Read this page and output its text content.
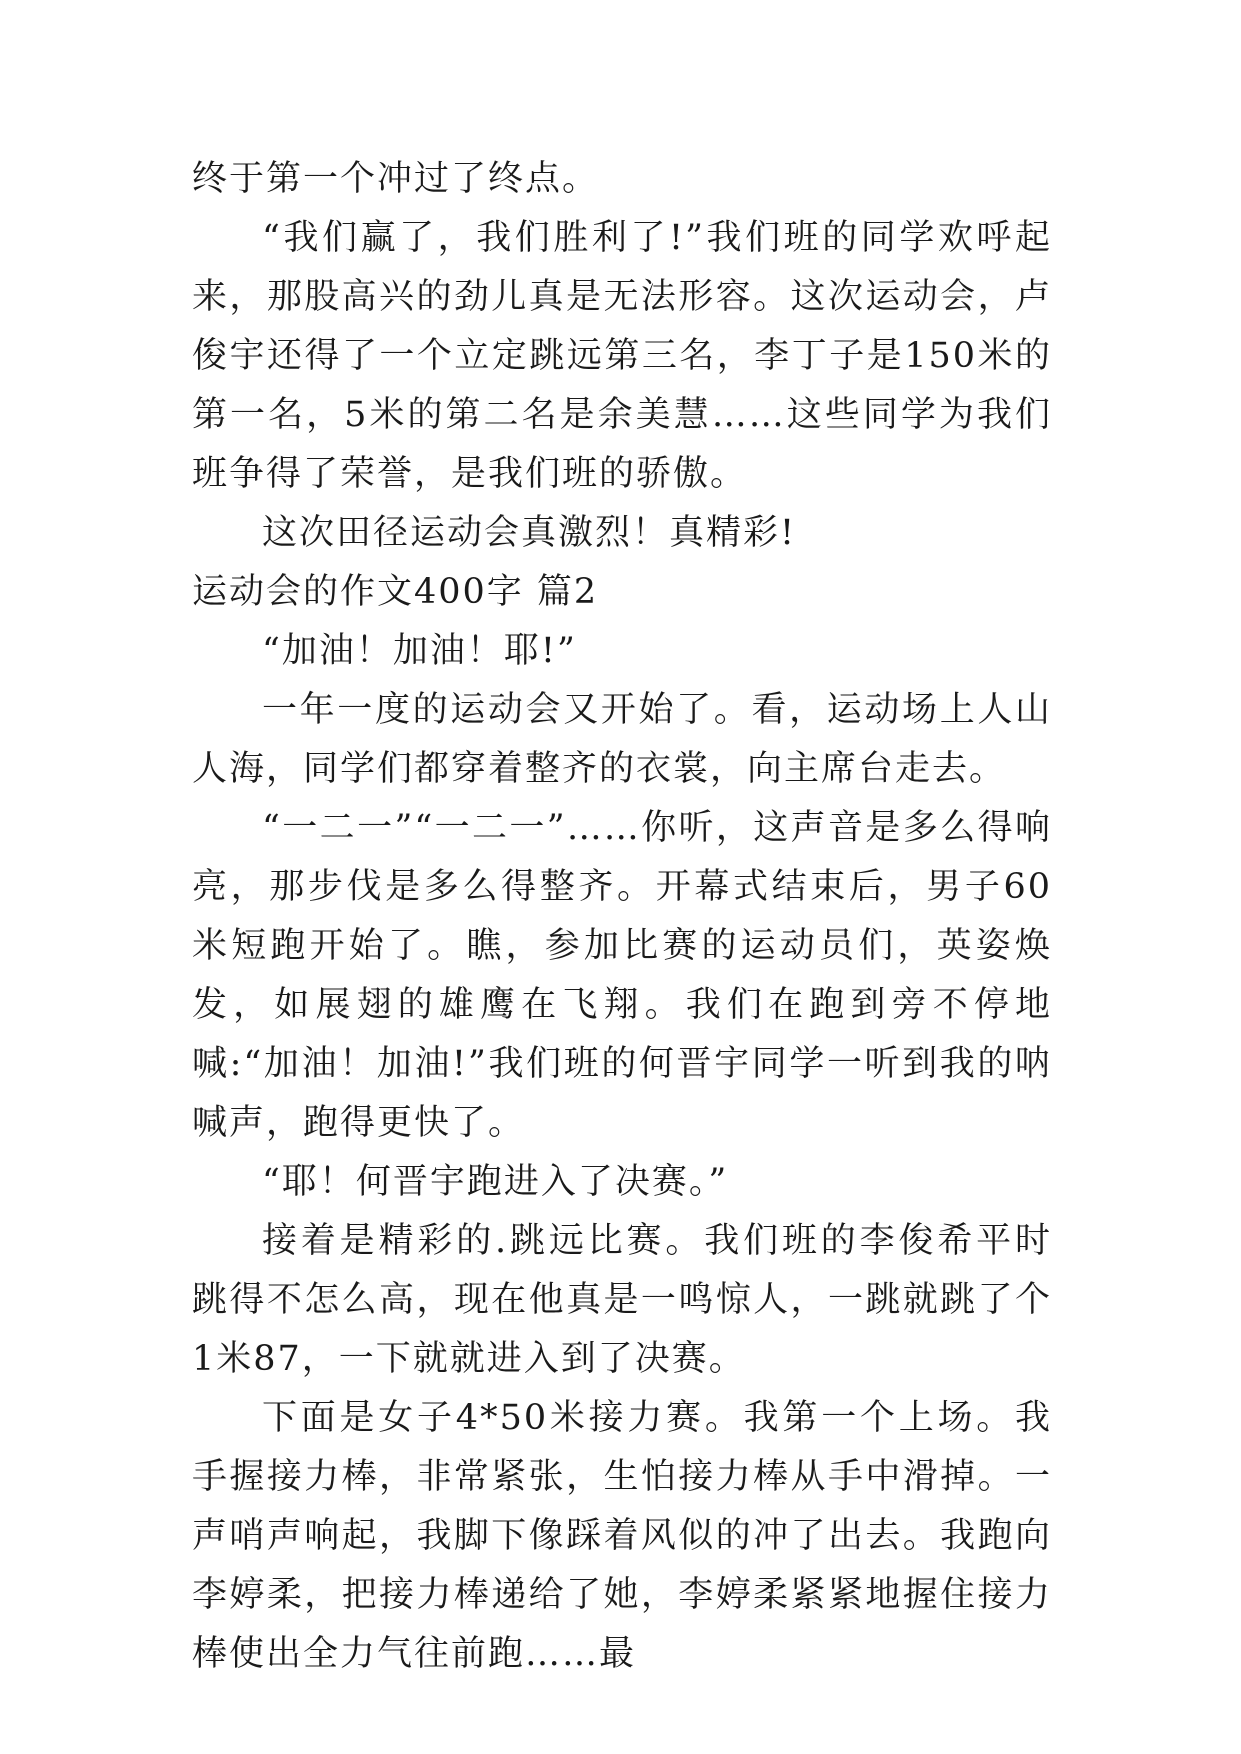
终于第一个冲过了终点。

“我们赢了，我们胜利了!”我们班的同学欢呼起来，那股高兴的劲儿真是无法形容。这次运动会，卢俊宇还得了一个立定跳远第三名，李丁子是150米的第一名，5米的第二名是余美慧……这些同学为我们班争得了荣誉，是我们班的骄傲。

这次田径运动会真激烈！真精彩!

运动会的作文400字 篇2

“加油！加油！耶!”

一年一度的运动会又开始了。看，运动场上人山人海，同学们都穿着整齐的衣裳，向主席台走去。

“一二一”“一二一”……你听，这声音是多么得响亮，那步伐是多么得整齐。开幕式结束后，男子60米短跑开始了。瞧，参加比赛的运动员们，英姿焕发，如展翅的雄鹰在飞翔。我们在跑到旁不停地喊:“加油！加油!”我们班的何晋宇同学一听到我的呐喊声，跑得更快了。

“耶！何晋宇跑进入了决赛。”

接着是精彩的.跳远比赛。我们班的李俊希平时跳得不怎么高，现在他真是一鸣惊人，一跳就跳了个1米87，一下就就进入到了决赛。

下面是女子4*50米接力赛。我第一个上场。我手握接力棒，非常紧张，生怕接力棒从手中滑掉。一声哨声响起，我脚下像踩着风似的冲了出去。我跑向李婷柔，把接力棒递给了她，李婷柔紧紧地握住接力棒使出全力气往前跑……最
